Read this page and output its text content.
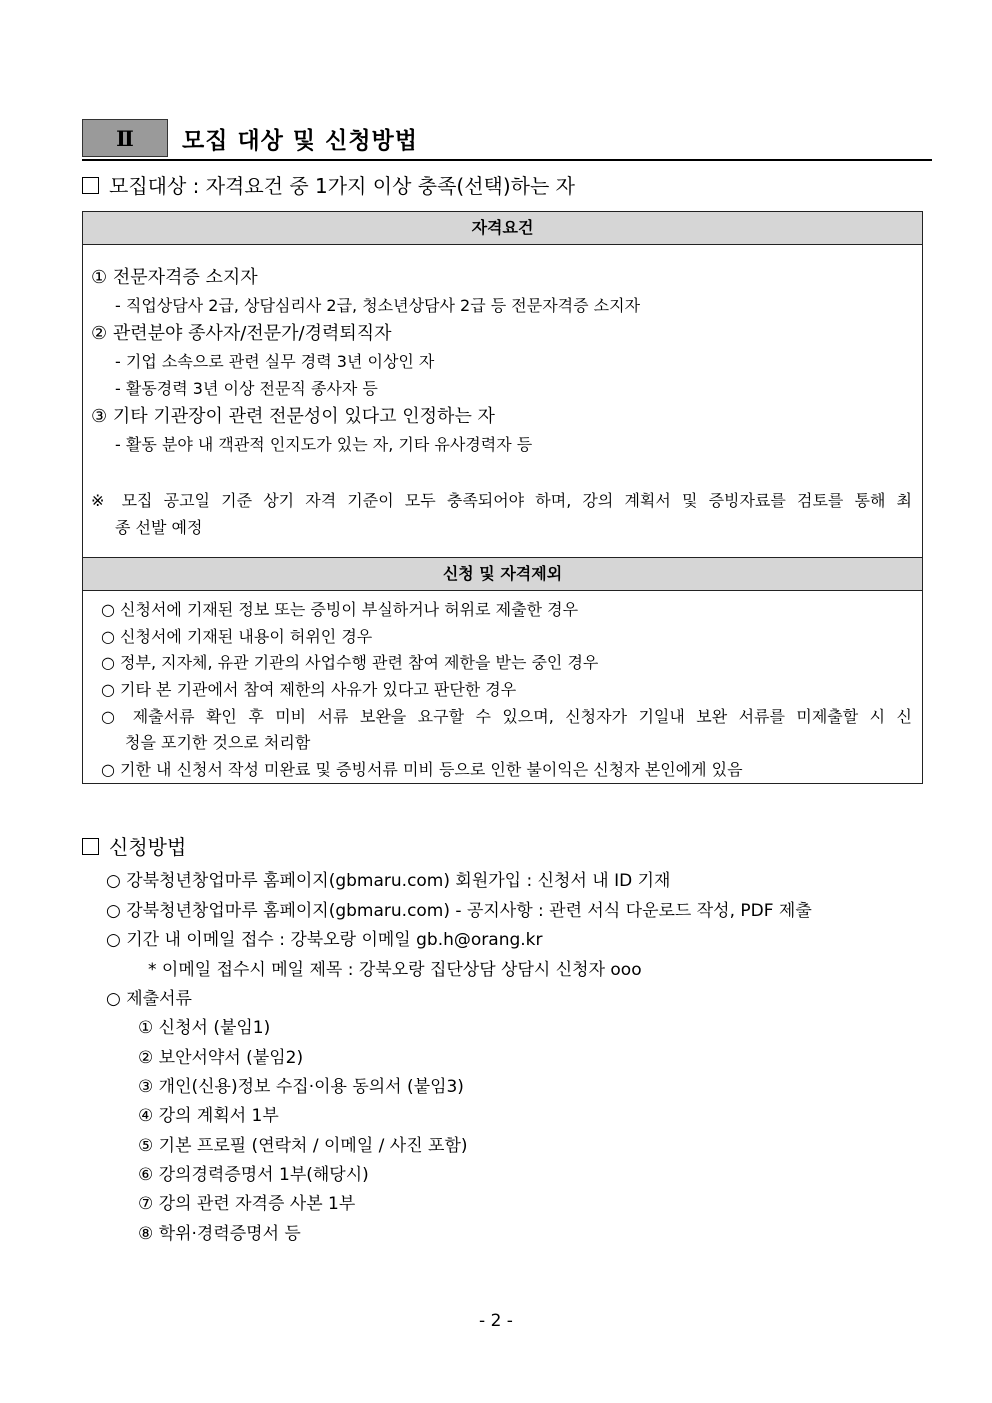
Ⅱ	모집 대상 및 신청방법
모집대상 : 자격요건 중 1가지 이상 충족(선택)하는 자
자격요건
① 전문자격증 소지자
- 직업상담사 2급, 상담심리사 2급, 청소년상담사 2급 등 전문자격증 소지자
② 관련분야 종사자/전문가/경력퇴직자
- 기업 소속으로 관련 실무 경력 3년 이상인 자
- 활동경력 3년 이상 전문직 종사자 등
③ 기타 기관장이 관련 전문성이 있다고 인정하는 자
- 활동 분야 내 객관적 인지도가 있는 자, 기타 유사경력자 등
※ 모집 공고일 기준 상기 자격 기준이 모두 충족되어야 하며, 강의 계획서 및 증빙자료를 검토를 통해 최
종 선발 예정
신청 및 자격제외
○ 신청서에 기재된 정보 또는 증빙이 부실하거나 허위로 제출한 경우
○ 신청서에 기재된 내용이 허위인 경우
○ 정부, 지자체, 유관 기관의 사업수행 관련 참여 제한을 받는 중인 경우
○ 기타 본 기관에서 참여 제한의 사유가 있다고 판단한 경우
○ 제출서류 확인 후 미비 서류 보완을 요구할 수 있으며, 신청자가 기일내 보완 서류를 미제출할 시 신
청을 포기한 것으로 처리함
○ 기한 내 신청서 작성 미완료 및 증빙서류 미비 등으로 인한 불이익은 신청자 본인에게 있음
신청방법
○ 강북청년창업마루 홈페이지(gbmaru.com) 회원가입 : 신청서 내 ID 기재
○ 강북청년창업마루 홈페이지(gbmaru.com) - 공지사항 : 관련 서식 다운로드 작성, PDF 제출
○ 기간 내 이메일 접수 : 강북오랑 이메일 gb.h@orang.kr
* 이메일 접수시 메일 제목 : 강북오랑 집단상담 상담시 신청자 ooo
○ 제출서류
① 신청서 (붙임1)
② 보안서약서 (붙임2)
③ 개인(신용)정보 수집·이용 동의서 (붙임3)
④ 강의 계획서 1부
⑤ 기본 프로필 (연락처 / 이메일 / 사진 포함)
⑥ 강의경력증명서 1부(해당시)
⑦ 강의 관련 자격증 사본 1부
⑧ 학위·경력증명서 등
- 2 -
